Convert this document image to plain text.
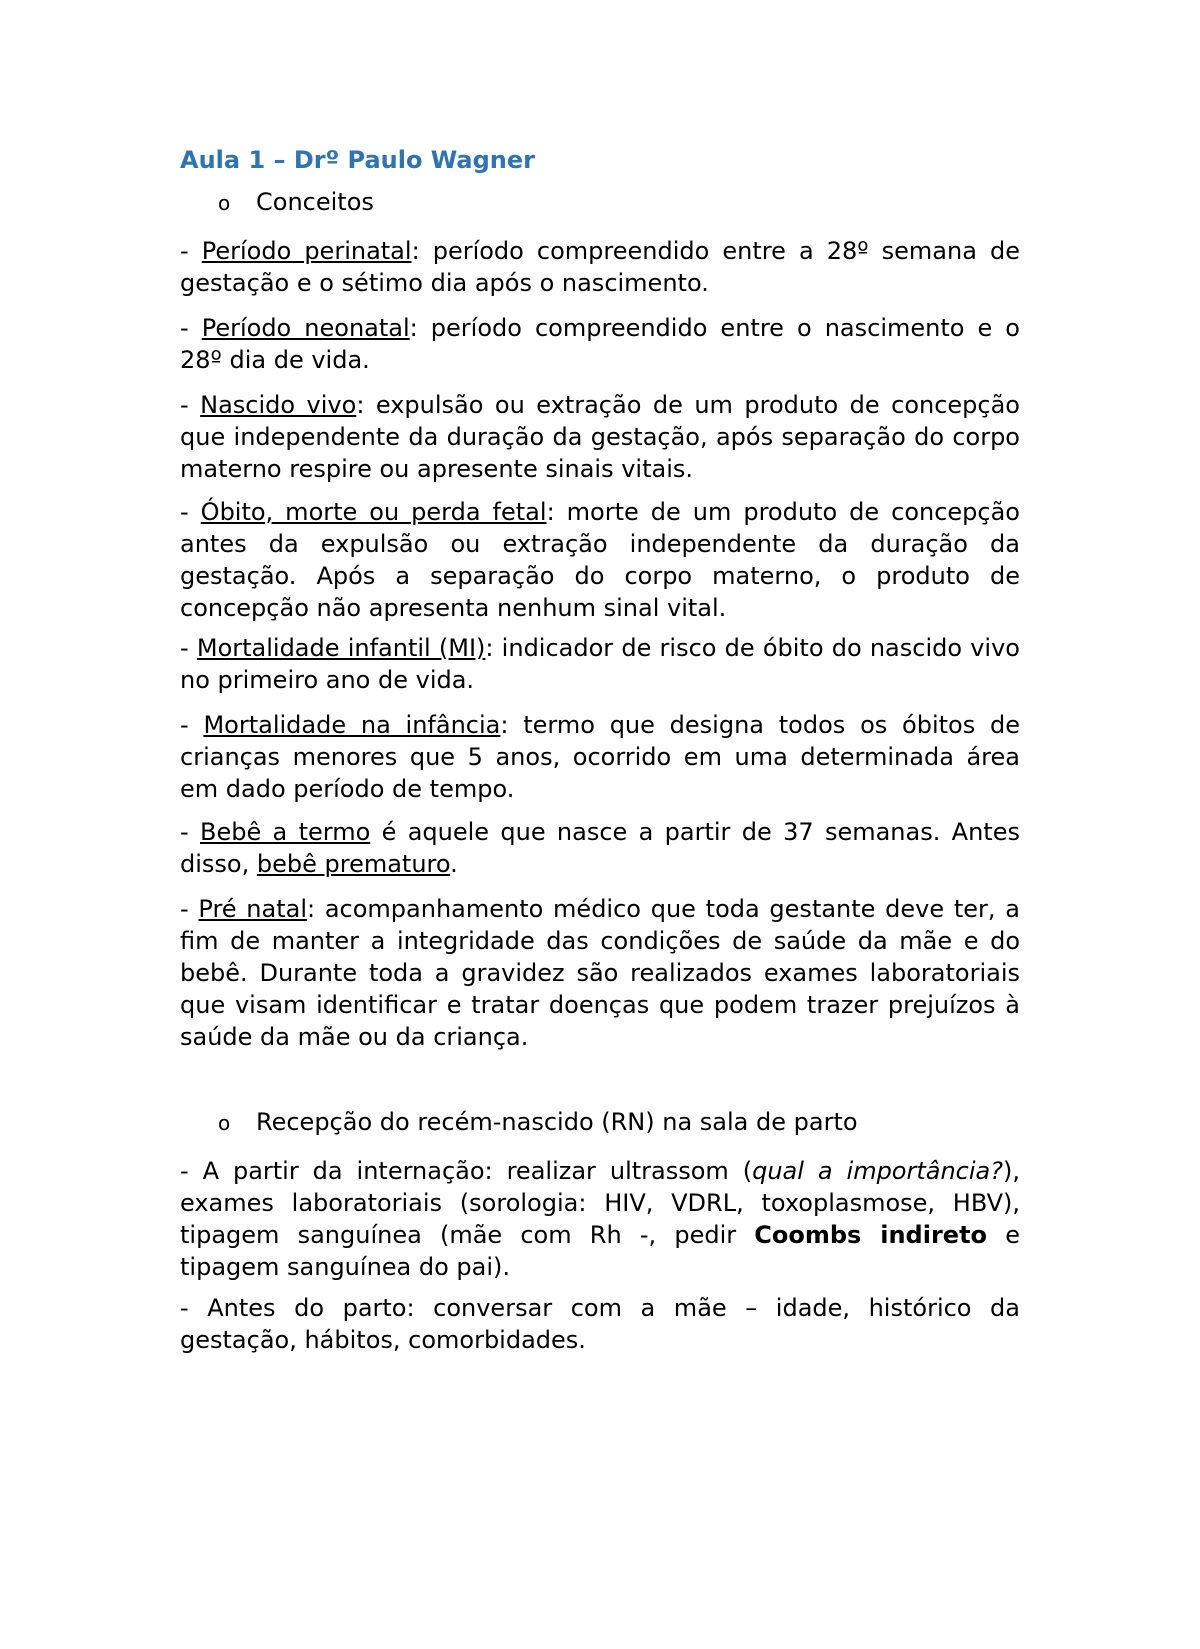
Aula 1 – Drº Paulo Wagner
o Conceitos

- Período perinatal: período compreendido entre a 28º semana de gestação e o sétimo dia após o nascimento.

- Período neonatal: período compreendido entre o nascimento e o 28º dia de vida.

- Nascido vivo: expulsão ou extração de um produto de concepção que independente da duração da gestação, após separação do corpo materno respire ou apresente sinais vitais.

- Óbito, morte ou perda fetal: morte de um produto de concepção antes da expulsão ou extração independente da duração da gestação. Após a separação do corpo materno, o produto de concepção não apresenta nenhum sinal vital.

- Mortalidade infantil (MI): indicador de risco de óbito do nascido vivo no primeiro ano de vida.

- Mortalidade na infância: termo que designa todos os óbitos de crianças menores que 5 anos, ocorrido em uma determinada área em dado período de tempo.

- Bebê a termo é aquele que nasce a partir de 37 semanas. Antes disso, bebê prematuro.

- Pré natal: acompanhamento médico que toda gestante deve ter, a fim de manter a integridade das condições de saúde da mãe e do bebê. Durante toda a gravidez são realizados exames laboratoriais que visam identificar e tratar doenças que podem trazer prejuízos à saúde da mãe ou da criança.

o Recepção do recém-nascido (RN) na sala de parto

- A partir da internação: realizar ultrassom (qual a importância?), exames laboratoriais (sorologia: HIV, VDRL, toxoplasmose, HBV), tipagem sanguínea (mãe com Rh -, pedir Coombs indireto e tipagem sanguínea do pai).

- Antes do parto: conversar com a mãe – idade, histórico da gestação, hábitos, comorbidades.
